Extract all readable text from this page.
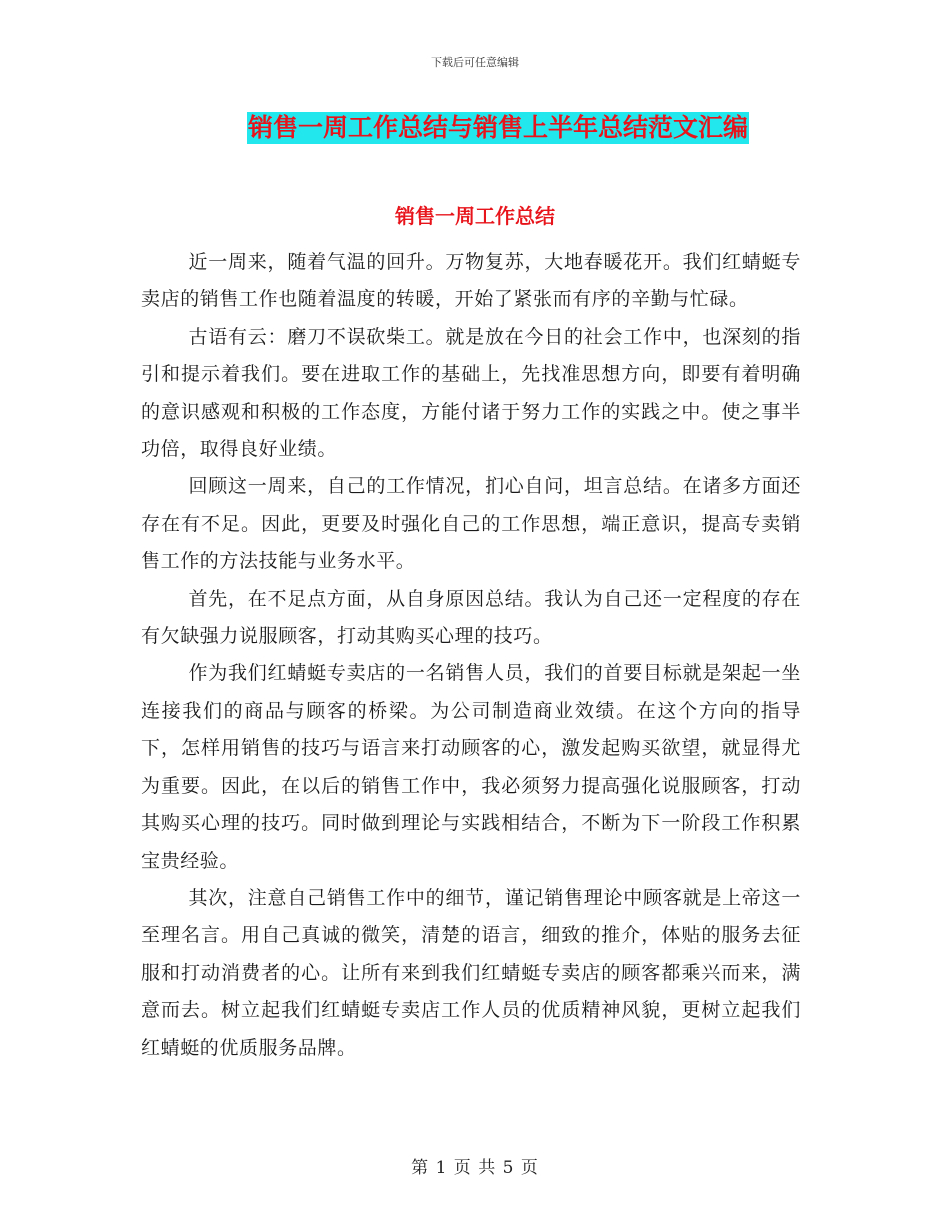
下载后可任意编辑
销售一周工作总结与销售上半年总结范文汇编
销售一周工作总结

近一周来，随着气温的回升。万物复苏，大地春暖花开。我们红蜻蜓专卖店的销售工作也随着温度的转暖，开始了紧张而有序的辛勤与忙碌。

古语有云：磨刀不误砍柴工。就是放在今日的社会工作中，也深刻的指引和提示着我们。要在进取工作的基础上，先找准思想方向，即要有着明确的意识感观和积极的工作态度，方能付诸于努力工作的实践之中。使之事半功倍，取得良好业绩。

回顾这一周来，自己的工作情况，扪心自问，坦言总结。在诸多方面还存在有不足。因此，更要及时强化自己的工作思想，端正意识，提高专卖销售工作的方法技能与业务水平。

首先，在不足点方面，从自身原因总结。我认为自己还一定程度的存在有欠缺强力说服顾客，打动其购买心理的技巧。

作为我们红蜻蜓专卖店的一名销售人员，我们的首要目标就是架起一坐连接我们的商品与顾客的桥梁。为公司制造商业效绩。在这个方向的指导下，怎样用销售的技巧与语言来打动顾客的心，激发起购买欲望，就显得尤为重要。因此，在以后的销售工作中，我必须努力提高强化说服顾客，打动其购买心理的技巧。同时做到理论与实践相结合，不断为下一阶段工作积累宝贵经验。

其次，注意自己销售工作中的细节，谨记销售理论中顾客就是上帝这一至理名言。用自己真诚的微笑，清楚的语言，细致的推介，体贴的服务去征服和打动消费者的心。让所有来到我们红蜻蜓专卖店的顾客都乘兴而来，满意而去。树立起我们红蜻蜓专卖店工作人员的优质精神风貌，更树立起我们红蜻蜓的优质服务品牌。

第 1 页 共 5 页
